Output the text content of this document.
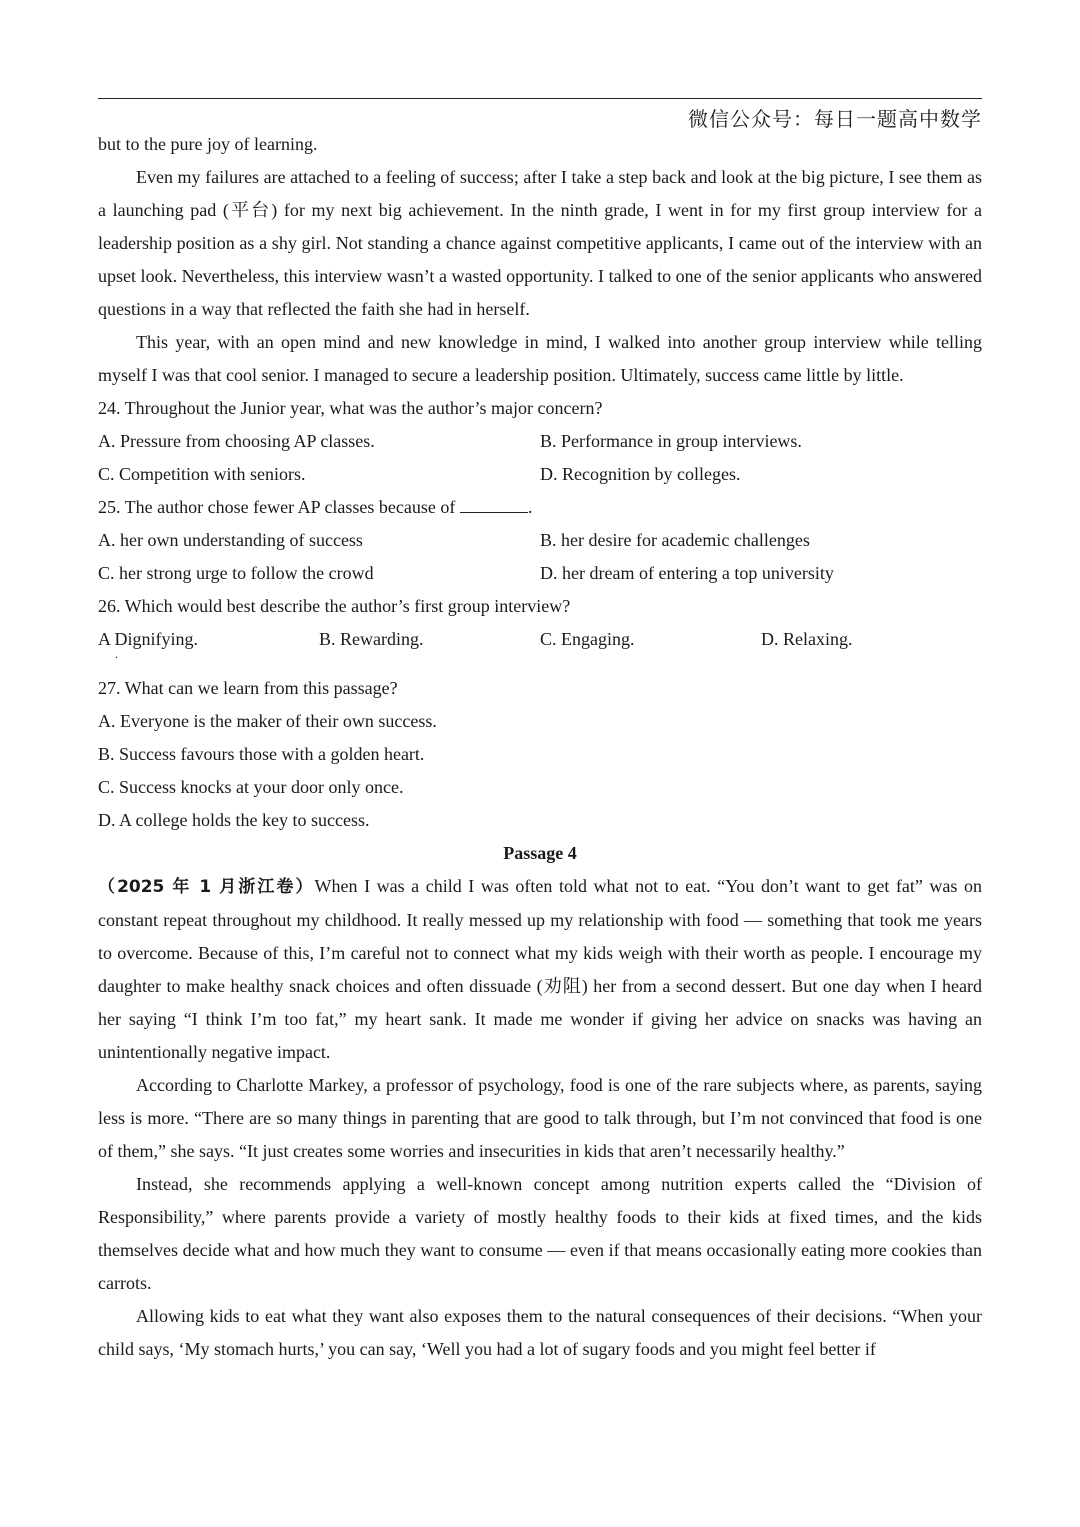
微信公众号：每日一题高中数学

but to the pure joy of learning.

Even my failures are attached to a feeling of success; after I take a step back and look at the big picture, I see them as a launching pad (平台) for my next big achievement. In the ninth grade, I went in for my first group interview for a leadership position as a shy girl. Not standing a chance against competitive applicants, I came out of the interview with an upset look. Nevertheless, this interview wasn’t a wasted opportunity. I talked to one of the senior applicants who answered questions in a way that reflected the faith she had in herself.

This year, with an open mind and new knowledge in mind, I walked into another group interview while telling myself I was that cool senior. I managed to secure a leadership position. Ultimately, success came little by little.

24. Throughout the Junior year, what was the author’s major concern?

A. Pressure from choosing AP classes.	B. Performance in group interviews.
C. Competition with seniors.	D. Recognition by colleges.

25. The author chose fewer AP classes because of	.

A. her own understanding of success	B. her desire for academic challenges
C. her strong urge to follow the crowd	D. her dream of entering a top university

26. Which would best describe the author’s first group interview?

A Dignifying.	B. Rewarding.	C. Engaging.	D. Relaxing.
.

27. What can we learn from this passage?

A. Everyone is the maker of their own success.

B. Success favours those with a golden heart.

C. Success knocks at your door only once.

D. A college holds the key to success.

Passage 4

（2025 年 1 月浙江卷）When I was a child I was often told what not to eat. “You don’t want to get fat” was on constant repeat throughout my childhood. It really messed up my relationship with food — something that took me years to overcome. Because of this, I’m careful not to connect what my kids weigh with their worth as people. I encourage my daughter to make healthy snack choices and often dissuade (劝阻) her from a second dessert. But one day when I heard her saying “I think I’m too fat,” my heart sank. It made me wonder if giving her advice on snacks was having an unintentionally negative impact.

According to Charlotte Markey, a professor of psychology, food is one of the rare subjects where, as parents, saying less is more. “There are so many things in parenting that are good to talk through, but I’m not convinced that food is one of them,” she says. “It just creates some worries and insecurities in kids that aren’t necessarily healthy.”

Instead, she recommends applying a well-known concept among nutrition experts called the “Division of Responsibility,” where parents provide a variety of mostly healthy foods to their kids at fixed times, and the kids themselves decide what and how much they want to consume — even if that means occasionally eating more cookies than carrots.

Allowing kids to eat what they want also exposes them to the natural consequences of their decisions. “When your child says, ‘My stomach hurts,’ you can say, ‘Well you had a lot of sugary foods and you might feel better if
